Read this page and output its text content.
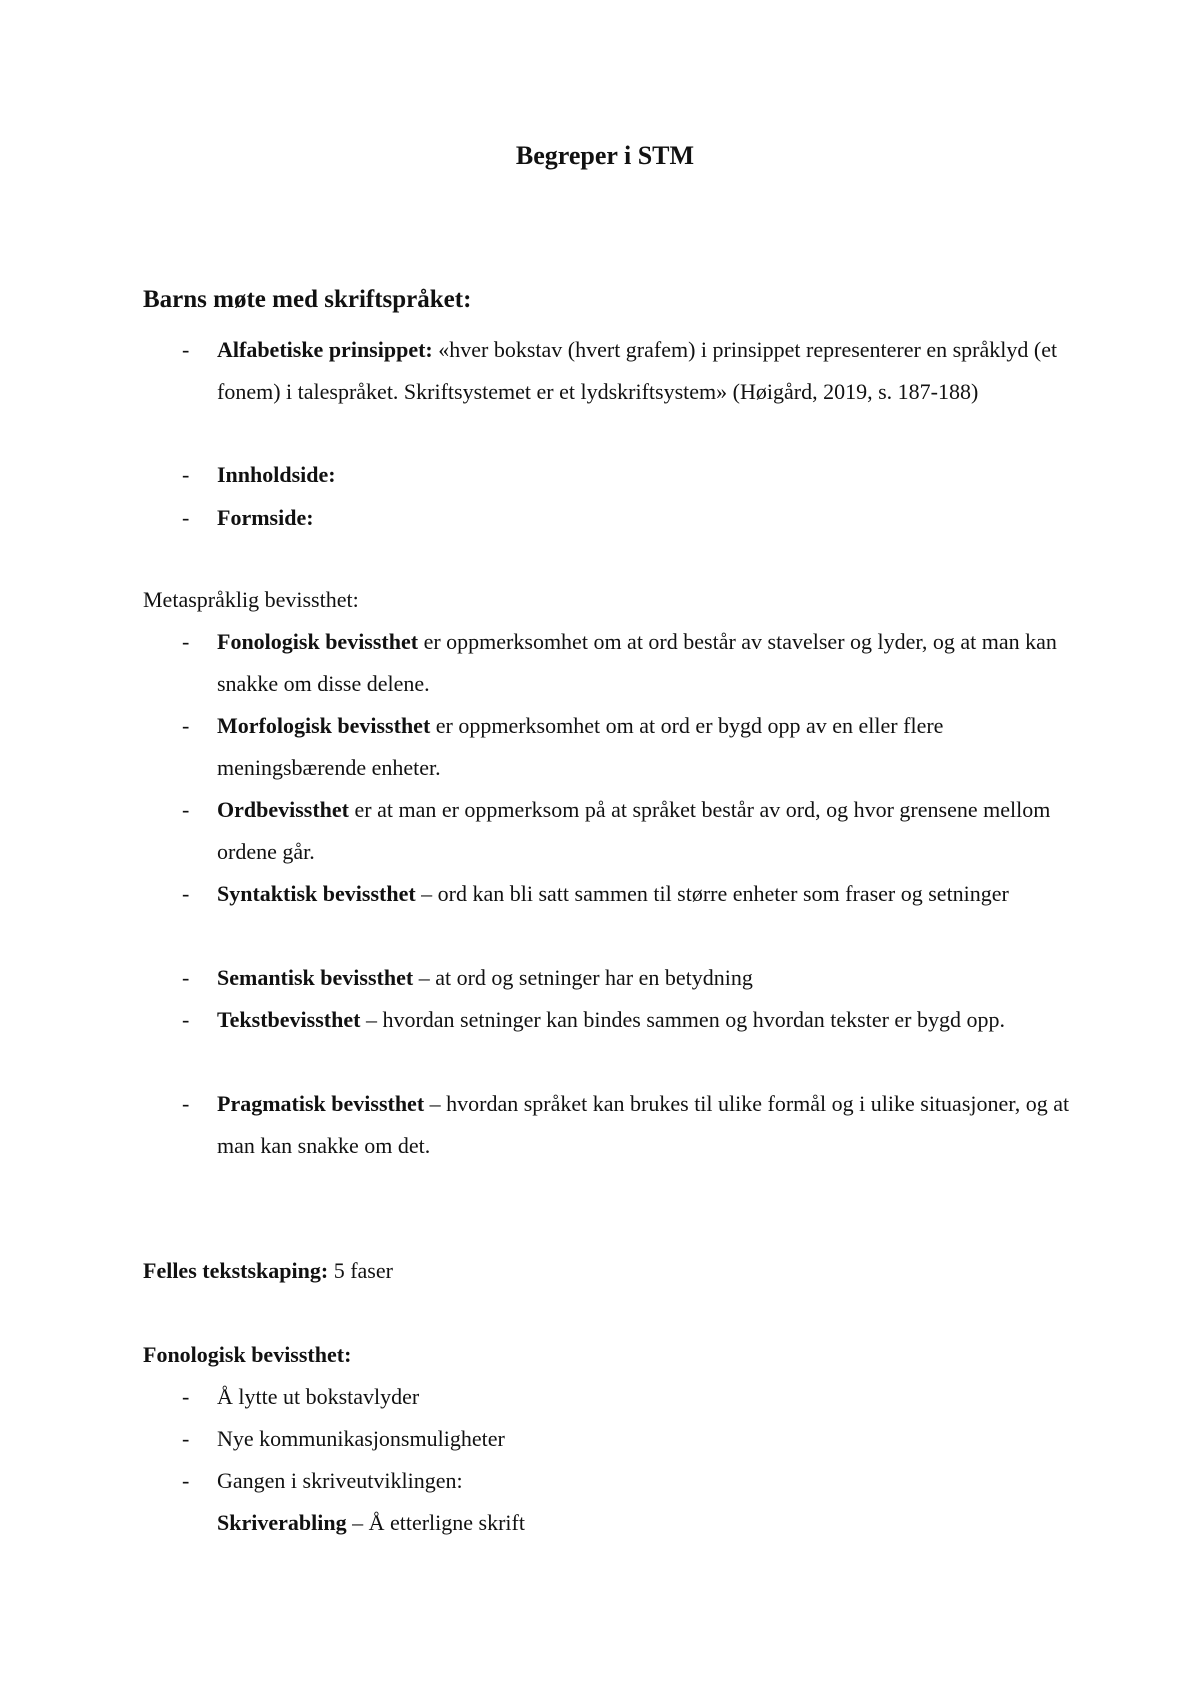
Begreper i STM
Barns møte med skriftspråket:
- Alfabetiske prinsippet: «hver bokstav (hvert grafem) i prinsippet representerer en språklyd (et fonem) i talespråket. Skriftsystemet er et lydskriftsystem» (Høigård, 2019, s. 187-188)
- Innholdside:
- Formside:
Metaspråklig bevissthet:
- Fonologisk bevissthet er oppmerksomhet om at ord består av stavelser og lyder, og at man kan snakke om disse delene.
- Morfologisk bevissthet er oppmerksomhet om at ord er bygd opp av en eller flere meningsbærende enheter.
- Ordbevissthet er at man er oppmerksom på at språket består av ord, og hvor grensene mellom ordene går.
- Syntaktisk bevissthet – ord kan bli satt sammen til større enheter som fraser og setninger
- Semantisk bevissthet – at ord og setninger har en betydning
- Tekstbevissthet – hvordan setninger kan bindes sammen og hvordan tekster er bygd opp.
- Pragmatisk bevissthet – hvordan språket kan brukes til ulike formål og i ulike situasjoner, og at man kan snakke om det.
Felles tekstskaping: 5 faser
Fonologisk bevissthet:
- Å lytte ut bokstavlyder
- Nye kommunikasjonsmuligheter
- Gangen i skriveutviklingen:
Skriverabling – Å etterligne skrift
